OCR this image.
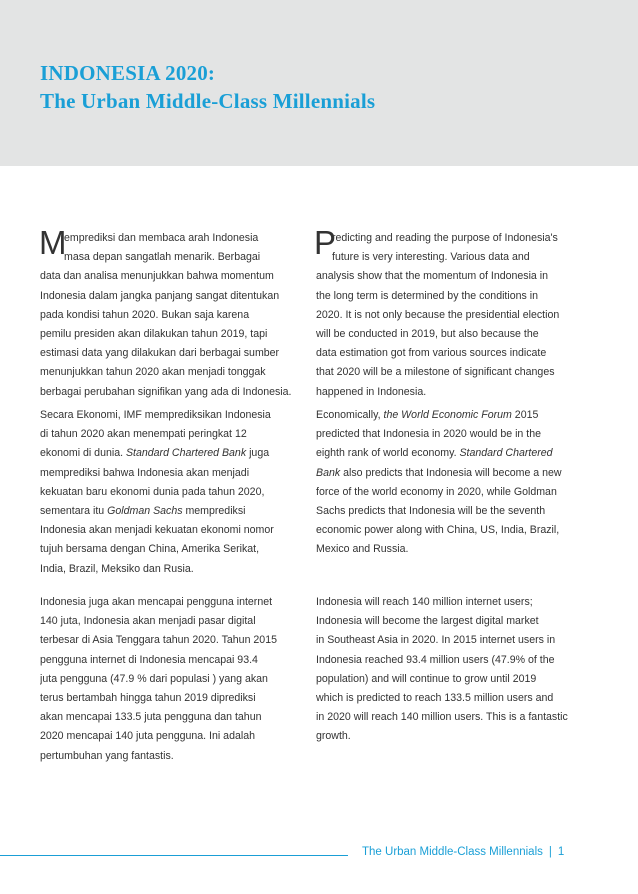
INDONESIA 2020:
The Urban Middle-Class Millennials
M
emprediksi dan membaca arah Indonesia
masa depan sangatlah menarik. Berbagai
data dan analisa menunjukkan bahwa momentum
Indonesia dalam jangka panjang sangat ditentukan
pada kondisi tahun 2020. Bukan saja karena
pemilu presiden akan dilakukan tahun 2019, tapi
estimasi data yang dilakukan dari berbagai sumber
menunjukkan tahun 2020 akan menjadi tonggak
berbagai perubahan signifikan yang ada di Indonesia.
Secara Ekonomi, IMF memprediksikan Indonesia
di tahun 2020 akan menempati peringkat 12
ekonomi di dunia. Standard Chartered Bank juga
memprediksi bahwa Indonesia akan menjadi
kekuatan baru ekonomi dunia pada tahun 2020,
sementara itu Goldman Sachs memprediksi
Indonesia akan menjadi kekuatan ekonomi nomor
tujuh bersama dengan China, Amerika Serikat,
India, Brazil, Meksiko dan Rusia.
Indonesia juga akan mencapai pengguna internet
140 juta, Indonesia akan menjadi pasar digital
terbesar di Asia Tenggara tahun 2020. Tahun 2015
pengguna internet di Indonesia mencapai 93.4
juta pengguna (47.9 % dari populasi ) yang akan
terus bertambah hingga tahun 2019 diprediksi
akan mencapai 133.5 juta pengguna dan tahun
2020 mencapai 140 juta pengguna. Ini adalah
pertumbuhan yang fantastis.
P
redicting and reading the purpose of Indonesia's
future is very interesting. Various data and
analysis show that the momentum of Indonesia in
the long term is determined by the conditions in
2020. It is not only because the presidential election
will be conducted in 2019, but also because the
data estimation got from various sources indicate
that 2020 will be a milestone of significant changes
happened in Indonesia.
Economically, the World Economic Forum 2015
predicted that Indonesia in 2020 would be in the
eighth rank of world economy. Standard Chartered
Bank also predicts that Indonesia will become a new
force of the world economy in 2020, while Goldman
Sachs predicts that Indonesia will be the seventh
economic power along with China, US, India, Brazil,
Mexico and Russia.
Indonesia will reach 140 million internet users;
Indonesia will become the largest digital market
in Southeast Asia in 2020. In 2015 internet users in
Indonesia reached 93.4 million users (47.9% of the
population) and will continue to grow until 2019
which is predicted to reach 133.5 million users and
in 2020 will reach 140 million users. This is a fantastic
growth.
The Urban Middle-Class Millennials | 1
